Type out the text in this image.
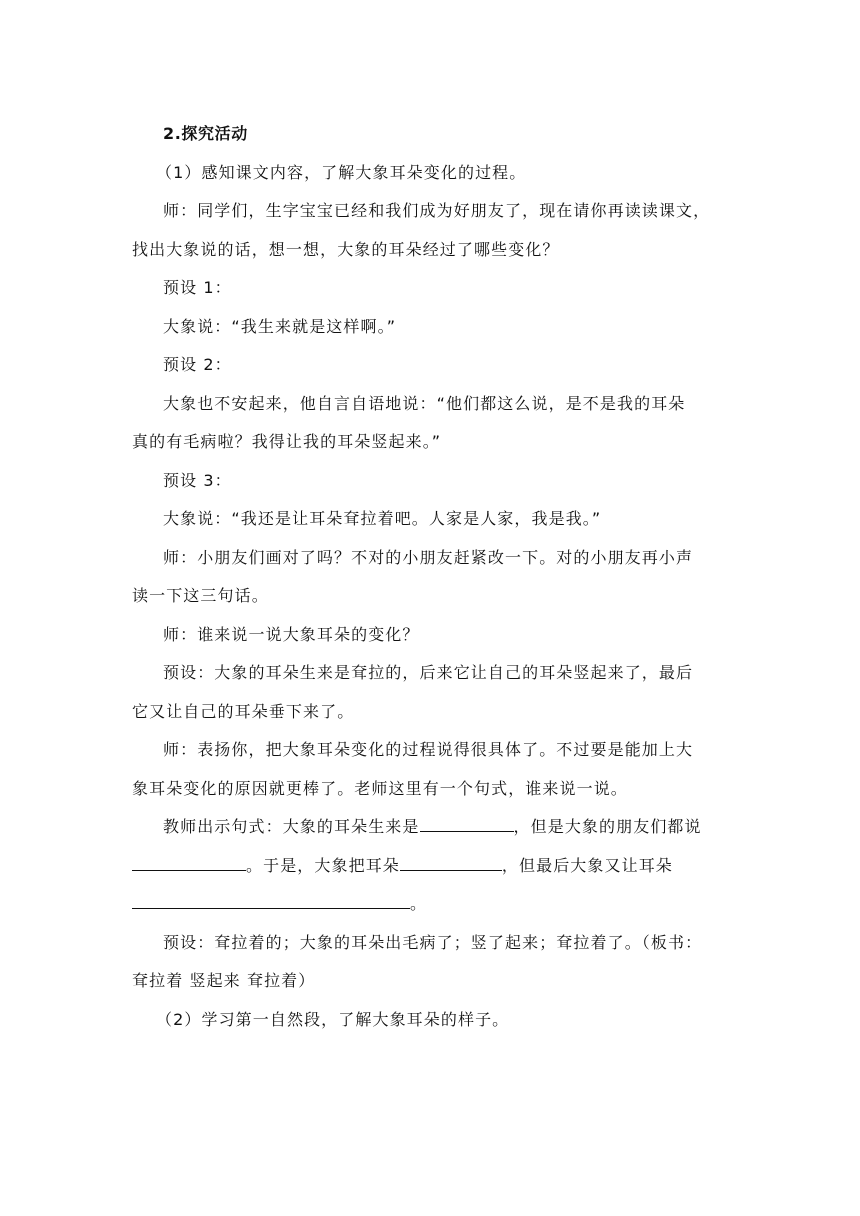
2.探究活动
（1）感知课文内容，了解大象耳朵变化的过程。
师：同学们，生字宝宝已经和我们成为好朋友了，现在请你再读读课文，
找出大象说的话，想一想，大象的耳朵经过了哪些变化？
预设 1：
大象说：“我生来就是这样啊。”
预设 2：
大象也不安起来，他自言自语地说：“他们都这么说，是不是我的耳朵
真的有毛病啦？我得让我的耳朵竖起来。”
预设 3：
大象说：“我还是让耳朵耷拉着吧。人家是人家，我是我。”
师：小朋友们画对了吗？不对的小朋友赶紧改一下。对的小朋友再小声
读一下这三句话。
师：谁来说一说大象耳朵的变化？
预设：大象的耳朵生来是耷拉的，后来它让自己的耳朵竖起来了，最后
它又让自己的耳朵垂下来了。
师：表扬你，把大象耳朵变化的过程说得很具体了。不过要是能加上大
象耳朵变化的原因就更棒了。老师这里有一个句式，谁来说一说。
教师出示句式：大象的耳朵生来是	，但是大象的朋友们都说
。于是，大象把耳朵	，但最后大象又让耳朵
。
预设：耷拉着的；大象的耳朵出毛病了；竖了起来；耷拉着了。（板书：
耷拉着 竖起来 耷拉着）
（2）学习第一自然段，了解大象耳朵的样子。
